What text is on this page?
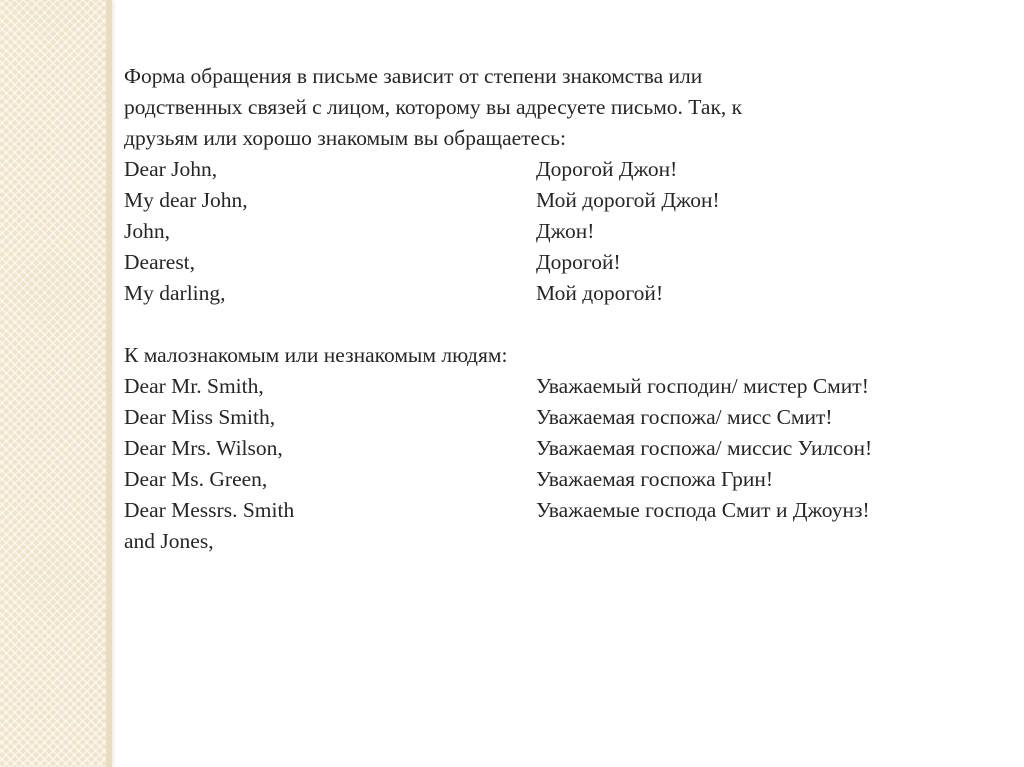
Форма обращения в письме зависит от степени знакомства или
родственных связей с лицом, которому вы адресуете письмо. Так, к
друзьям или хорошо знакомым вы обращаетесь:

Dear John,	Дорогой Джон!
My dear John,	Мой дорогой Джон!
John,	Джон!
Dearest,	Дорогой!
My darling,	Мой дорогой!

К малознакомым или незнакомым людям:

Dear Mr. Smith,	Уважаемый господин/ мистер Смит!
Dear Miss Smith,	Уважаемая госпожа/ мисс Смит!
Dear Mrs. Wilson,	Уважаемая госпожа/ миссис Уилсон!
Dear Ms. Green,	Уважаемая госпожа Грин!
Dear Messrs. Smith	Уважаемые господа Смит и Джоунз!

and Jones,
